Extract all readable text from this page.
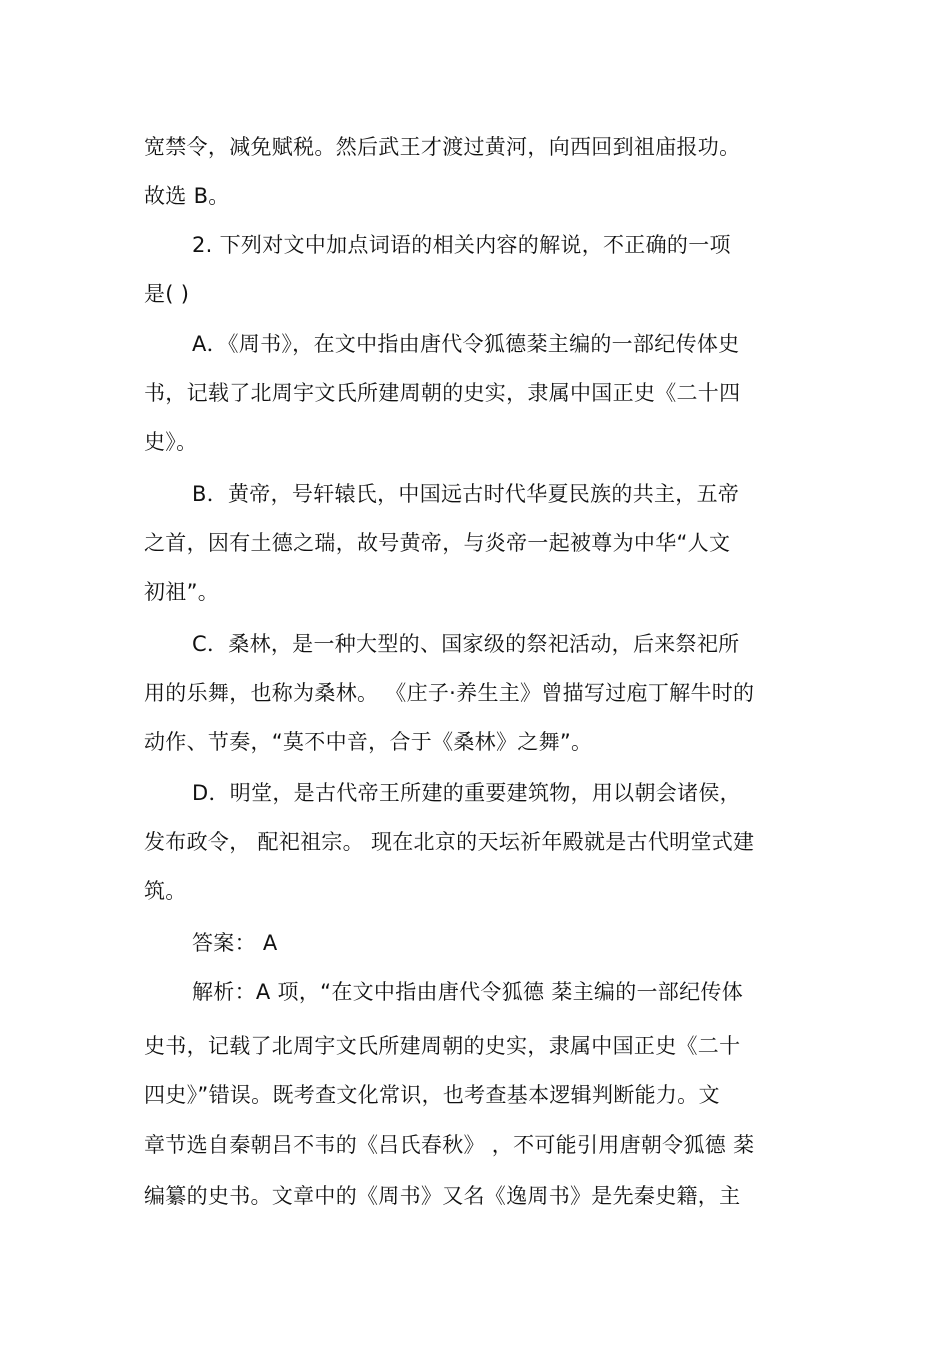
宽禁令，减免赋税。然后武王才渡过黄河，向西回到祖庙报功。
故选 B。
2. 下列对文中加点词语的相关内容的解说，不正确的一项
是( )
A．《周书》，在文中指由唐代令狐德棻主编的一部纪传体史
书，记载了北周宇文氏所建周朝的史实，隶属中国正史《二十四
史》。
B．黄帝，号轩辕氏，中国远古时代华夏民族的共主，五帝
之首，因有土德之瑞，故号黄帝，与炎帝一起被尊为中华“人文
初祖”。
C．桑林，是一种大型的、国家级的祭祀活动，后来祭祀所
用的乐舞，也称为桑林。 《庄子·养生主》曾描写过庖丁解牛时的
动作、节奏，“莫不中音，合于《桑林》之舞”。
D．明堂，是古代帝王所建的重要建筑物，用以朝会诸侯，
发布政令， 配祀祖宗。 现在北京的天坛祈年殿就是古代明堂式建
筑。
答案： A
解析：A 项，“在文中指由唐代令狐德 棻主编的一部纪传体
史书，记载了北周宇文氏所建周朝的史实，隶属中国正史《二十
四史》”错误。既考查文化常识，也考查基本逻辑判断能力。文
章节选自秦朝吕不韦的《吕氏春秋》 ，不可能引用唐朝令狐德 棻
编纂的史书。文章中的《周书》又名《逸周书》是先秦史籍，主
